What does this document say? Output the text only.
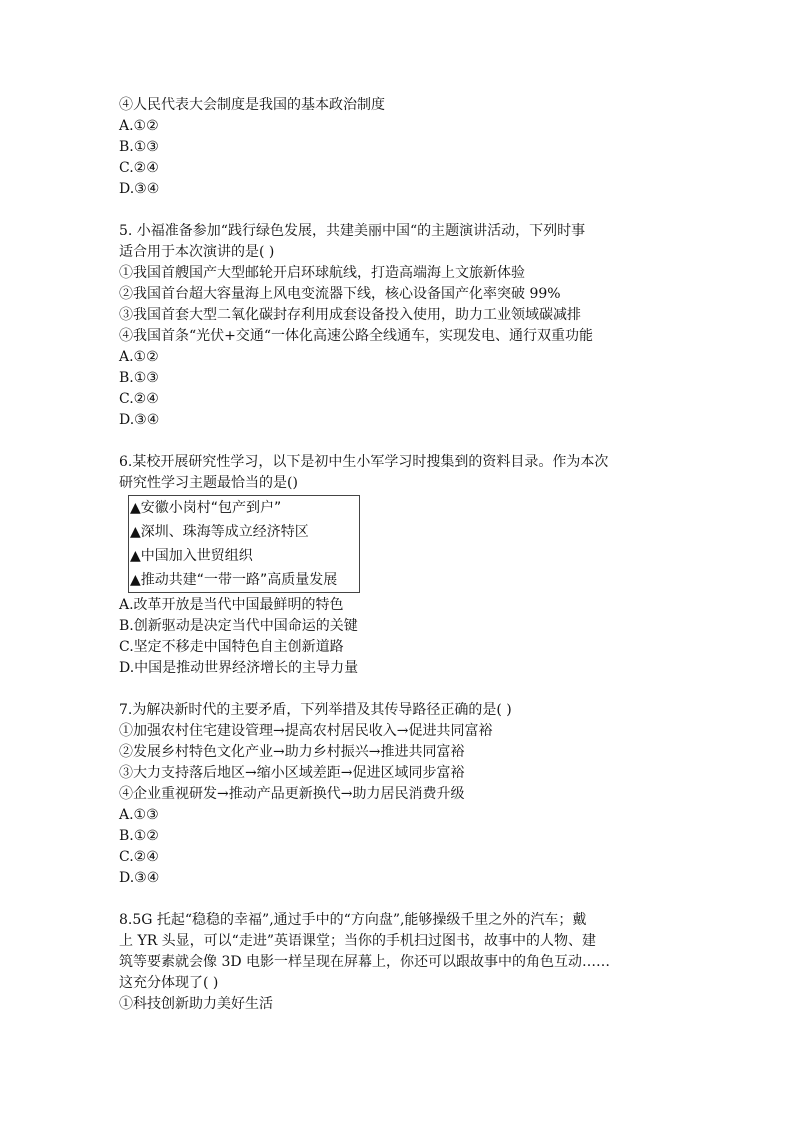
④人民代表大会制度是我国的基本政治制度
A.①②
B.①③
C.②④
D.③④
5. 小福准备参加“践行绿色发展，共建美丽中国“的主题演讲活动，下列时事
适合用于本次演讲的是( )
①我国首艘国产大型邮轮开启环球航线，打造高端海上文旅新体验
②我国首台超大容量海上风电变流器下线，核心设备国产化率突破 99%
③我国首套大型二氧化碳封存利用成套设备投入使用，助力工业领域碳减排
④我国首条“光伏+交通“一体化高速公路全线通车，实现发电、通行双重功能
A.①②
B.①③
C.②④
D.③④
6.某校开展研究性学习，以下是初中生小军学习时搜集到的资料目录。作为本次
研究性学习主题最恰当的是()
▲安徽小岗村“包产到户”
▲深圳、珠海等成立经济特区
▲中国加入世贸组织
▲推动共建“一带一路”高质量发展
A.改革开放是当代中国最鲜明的特色
B.创新驱动是决定当代中国命运的关键
C.坚定不移走中国特色自主创新道路
D.中国是推动世界经济增长的主导力量
7.为解决新时代的主要矛盾，下列举措及其传导路径正确的是( )
①加强农村住宅建设管理→提高农村居民收入→促进共同富裕
②发展乡村特色文化产业→助力乡村振兴→推进共同富裕
③大力支持落后地区→缩小区域差距→促进区域同步富裕
④企业重视研发→推动产品更新换代→助力居民消费升级
A.①③
B.①②
C.②④
D.③④
8.5G 托起“稳稳的幸福”,通过手中的“方向盘”,能够操级千里之外的汽车；戴
上 YR 头显，可以“走进”英语课堂；当你的手机扫过图书，故事中的人物、建
筑等要素就会像 3D 电影一样呈现在屏幕上，你还可以跟故事中的角色互动……
这充分体现了( )
①科技创新助力美好生活
